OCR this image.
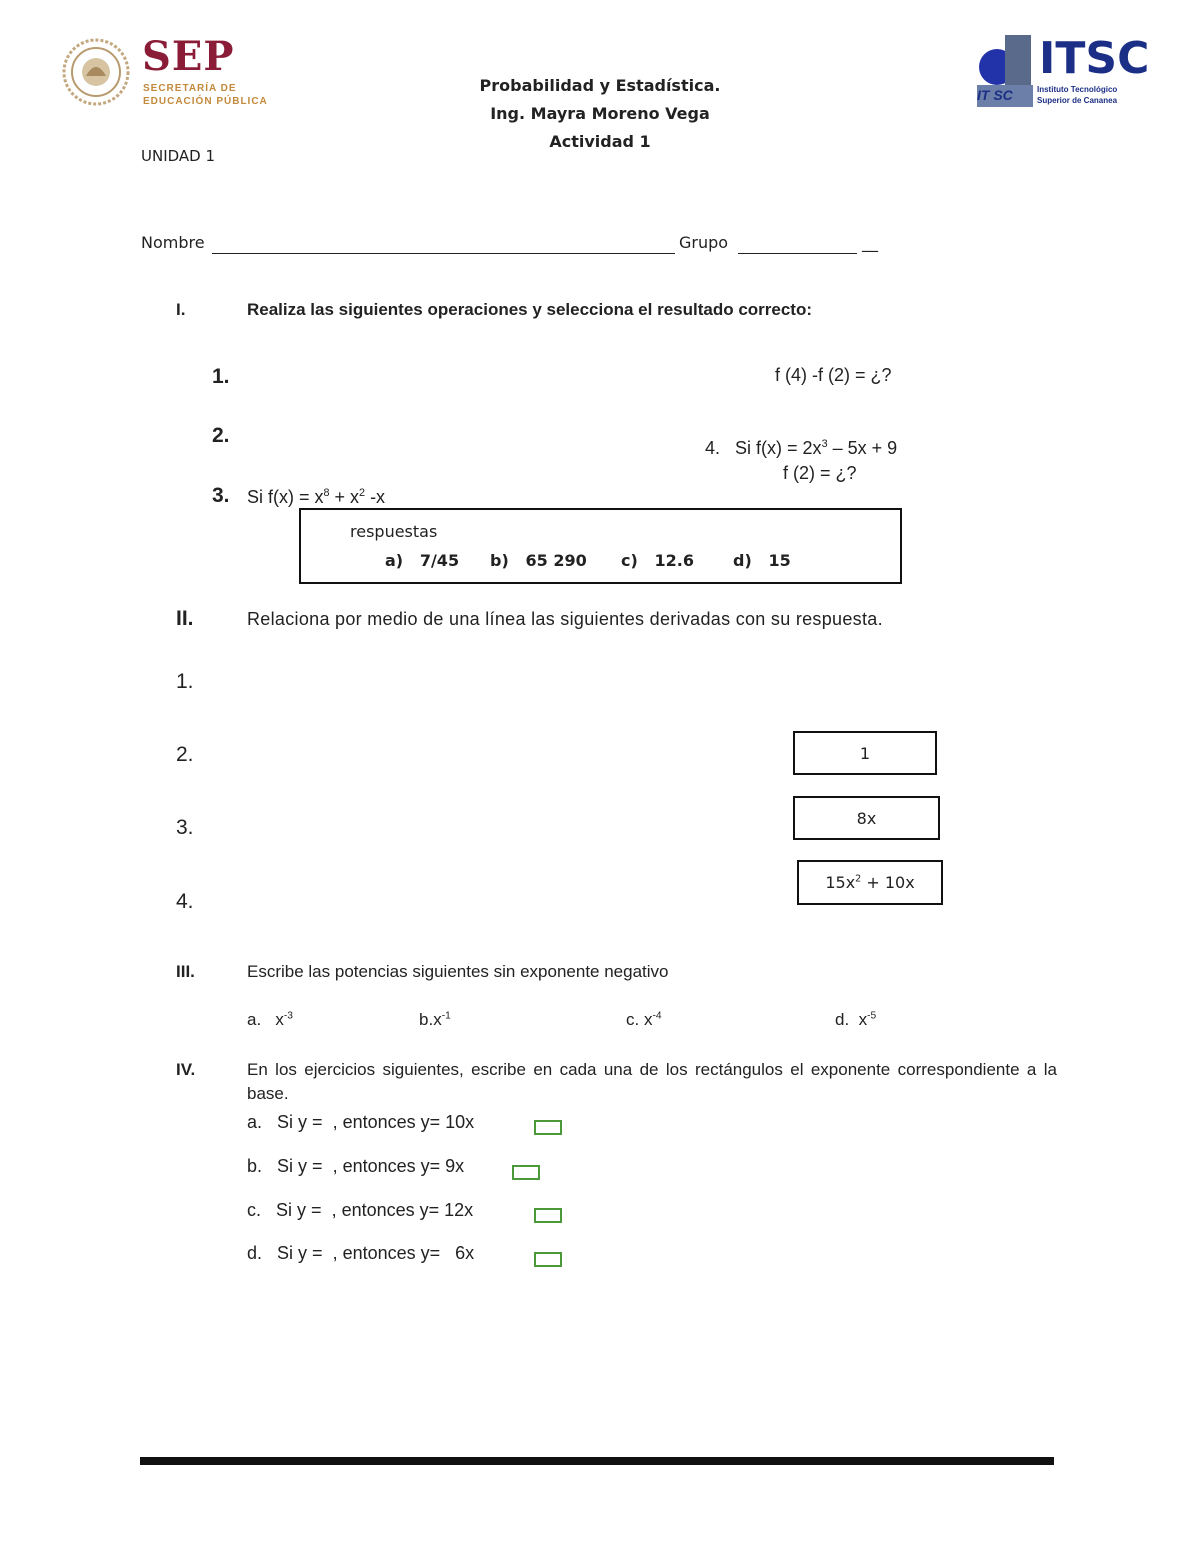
SEP
SECRETARÍA DE
EDUCACIÓN PÚBLICA
Probabilidad y Estadística.
Ing. Mayra Moreno Vega
Actividad 1
UNIDAD 1
IT SC
ITSC
Instituto Tecnológico
Superior de Cananea
Nombre	Grupo	__
I.	Realiza las siguientes operaciones y selecciona el resultado correcto:
1.
2.
3. Si $f(x) = x^8 + x^2$ -x
f (4) -f (2) = ¿?
4. Si $f(x) = 2x^3 - 5x + 9$
f (2) = ¿?
respuestas
a) 7/45 b) 65 290 c) 12.6 d) 15
II.	Relaciona por medio de una línea las siguientes derivadas con su respuesta.
1.
2.
3.
4.
1
8x
$15x^2 + 10x$
III.	Escribe las potencias siguientes sin exponente negativo
a. $x^{-3}$	$b.x^{-1}$	c. $x^{-4}$	d. $x^{-5}$
IV.	En los ejercicios siguientes, escribe en cada una de los rectángulos el exponente correspondiente a la base.
a. Si y = , entonces y= 10x
b. Si y = , entonces y= 9x
c. Si y = , entonces y= 12x
d. Si y = , entonces y=   6x
